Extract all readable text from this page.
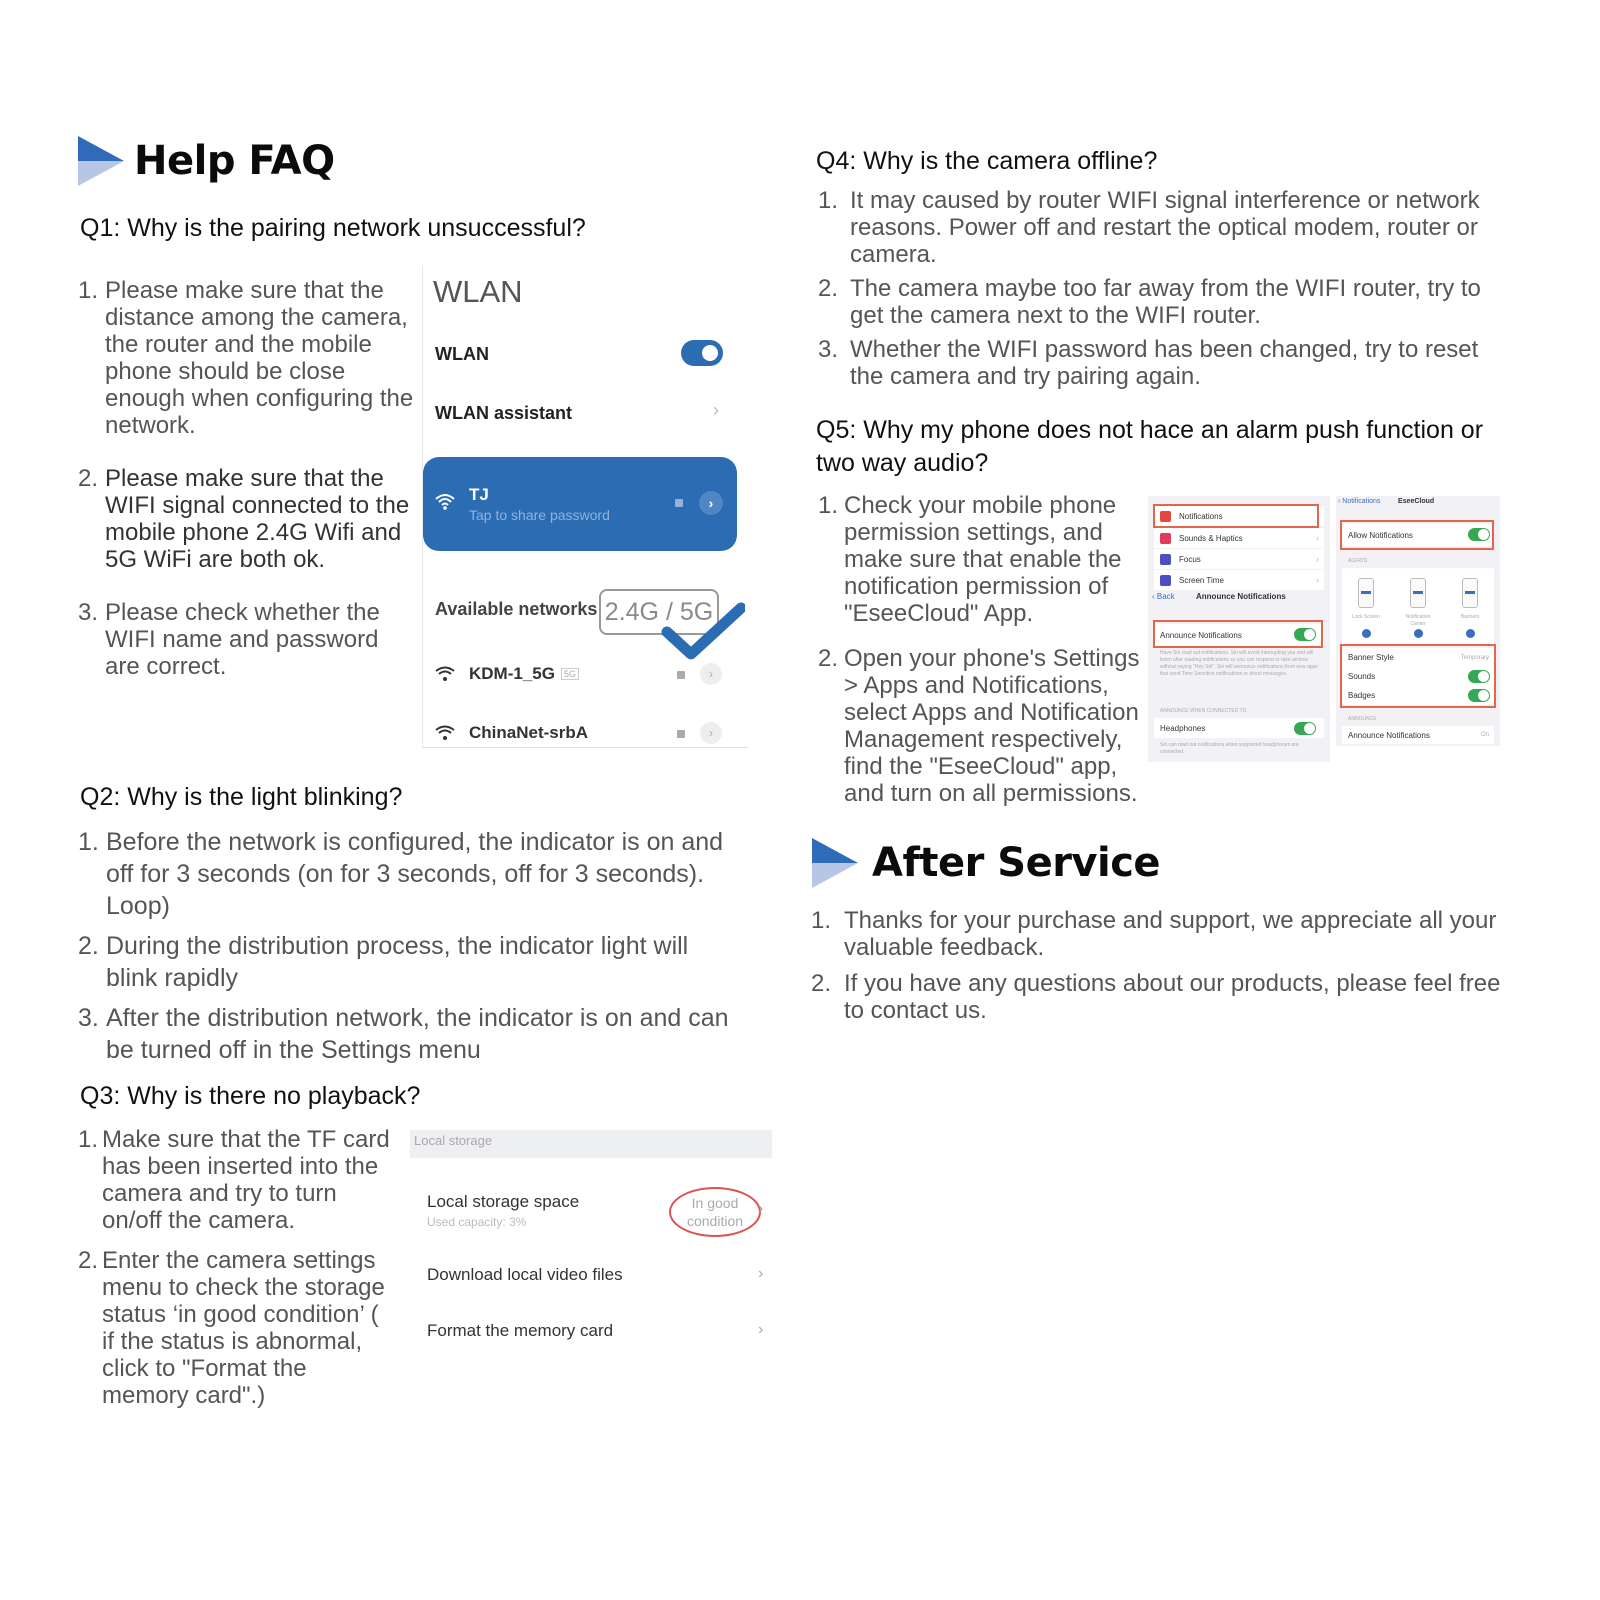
Help FAQ
Q1: Why is the pairing network unsuccessful?
1. Please make sure that the distance among the camera, the router and the mobile phone should be close enough when configuring the network.
2. Please make sure that the WIFI signal connected to the mobile phone 2.4G Wifi and 5G WiFi are both ok.
3. Please check whether the WIFI name and password are correct.
WLAN
WLAN
WLAN assistant	›
TJ
Tap to share password
›
Available networks 2.4G / 5G
KDM-1_5G	5G	›
ChinaNet-srbA	›
Q2: Why is the light blinking?
1. Before the network is configured, the indicator is on and off for 3 seconds (on for 3 seconds, off for 3 seconds). Loop)
2. During the distribution process, the indicator light will blink rapidly
3. After the distribution network, the indicator is on and can be turned off in the Settings menu
Q3: Why is there no playback?
1. Make sure that the TF card has been inserted into the camera and try to turn on/off the camera.
2. Enter the camera settings menu to check the storage status ‘in good condition’ ( if the status is abnormal, click to "Format the memory card".)
Local storage
Local storage space
Used capacity: 3%
In good condition
›
Download local video files	›
Format the memory card	›
Q4: Why is the camera offline?
1. It may caused by router WIFI signal interference or network reasons. Power off and restart the optical modem, router or camera.
2. The camera maybe too far away from the WIFI router, try to get the camera next to the WIFI router.
3. Whether the WIFI password has been changed, try to reset the camera and try pairing again.
Q5: Why my phone does not hace an alarm push function or two way audio?
1. Check your mobile phone permission settings, and make sure that enable the notification permission of "EseeCloud" App.
2. Open your phone's Settings > Apps and Notifications, select Apps and Notification Management respectively, find the "EseeCloud" app, and turn on all permissions.
Notifications
Sounds & Haptics	›
Focus	›
Screen Time	›
‹ Back	Announce Notifications
Announce Notifications
Have Siri read out notifications. Siri will avoid interrupting you and will listen after reading notifications so you can respond or take actions without saying "Hey Siri". Siri will announce notifications from new apps that send Time Sensitive notifications or direct messages.
ANNOUNCE WHEN CONNECTED TO
Headphones
Siri can read out notifications when supported headphones are connected.
‹ Notifications	EseeCloud
Allow Notifications
ALERTS
Lock Screen	Notification Center
Banners
Banner Style	Temporary
Sounds
Badges
ANNOUNCE
Announce Notifications	On
After Service
1. Thanks for your purchase and support, we appreciate all your valuable feedback.
2. If you have any questions about our products, please feel free to contact us.
